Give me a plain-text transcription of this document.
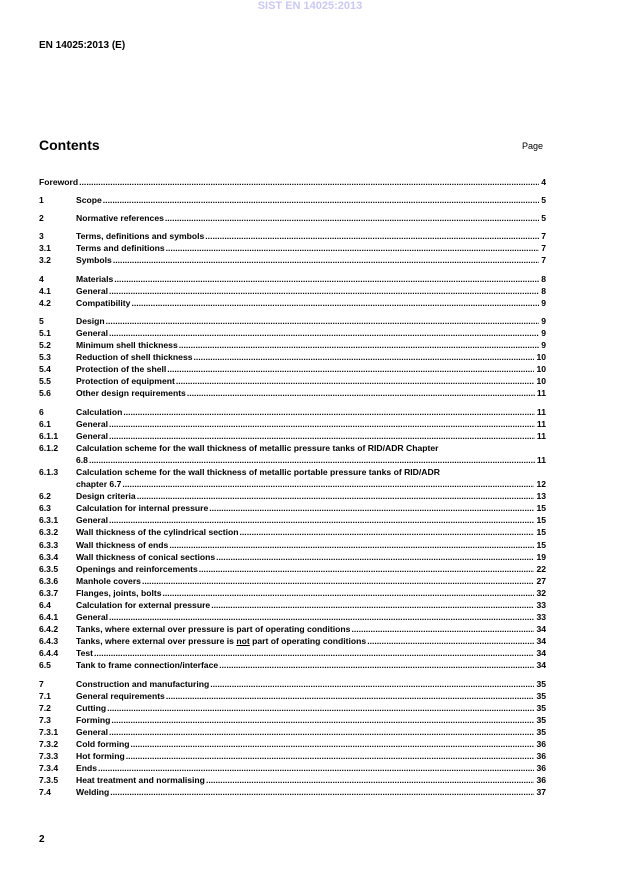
SIST EN 14025:2013
EN 14025:2013 (E)
Contents	Page
Foreword .....	4
1	Scope .....	5
2	Normative references .....	5
3	Terms, definitions and symbols .....	7
3.1	Terms and definitions .....	7
3.2	Symbols .....	7
4	Materials .....	8
4.1	General .....	8
4.2	Compatibility .....	9
5	Design .....	9
5.1	General .....	9
5.2	Minimum shell thickness .....	9
5.3	Reduction of shell thickness .....	10
5.4	Protection of the shell .....	10
5.5	Protection of equipment .....	10
5.6	Other design requirements .....	11
6	Calculation .....	11
6.1	General .....	11
6.1.1	General .....	11
6.1.2	Calculation scheme for the wall thickness of metallic pressure tanks of RID/ADR Chapter
6.8 .....	11
6.1.3	Calculation scheme for the wall thickness of metallic portable pressure tanks of RID/ADR
chapter 6.7 .....	12
6.2	Design criteria .....	13
6.3	Calculation for internal pressure .....	15
6.3.1	General .....	15
6.3.2	Wall thickness of the cylindrical section .....	15
6.3.3	Wall thickness of ends .....	15
6.3.4	Wall thickness of conical sections .....	19
6.3.5	Openings and reinforcements .....	22
6.3.6	Manhole covers .....	27
6.3.7	Flanges, joints, bolts .....	32
6.4	Calculation for external pressure .....	33
6.4.1	General .....	33
6.4.2	Tanks, where external over pressure is part of operating conditions .....	34
6.4.3	Tanks, where external over pressure is not part of operating conditions .....	34
6.4.4	Test .....	34
6.5	Tank to frame connection/interface .....	34
7	Construction and manufacturing .....	35
7.1	General requirements .....	35
7.2	Cutting .....	35
7.3	Forming .....	35
7.3.1	General .....	35
7.3.2	Cold forming .....	36
7.3.3	Hot forming .....	36
7.3.4	Ends .....	36
7.3.5	Heat treatment and normalising .....	36
7.4	Welding .....	37
2
